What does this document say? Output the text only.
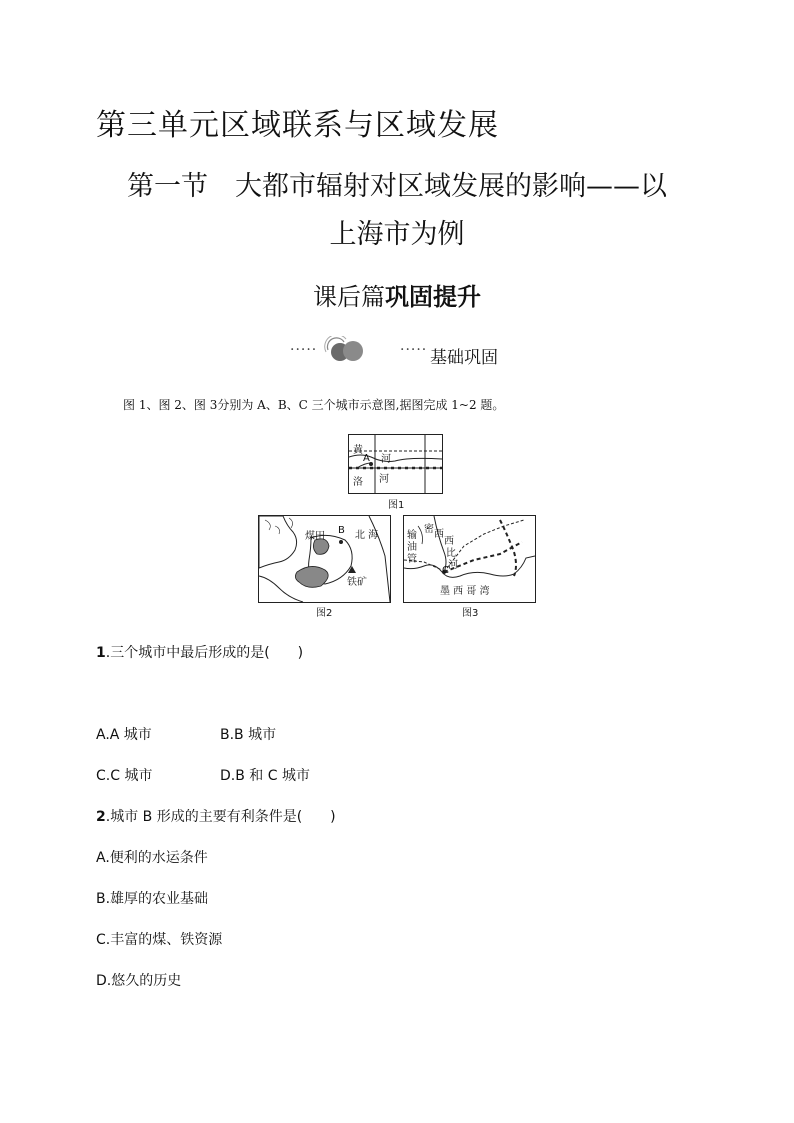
第三单元区域联系与区域发展
第一节　大都市辐射对区域发展的影响——以
上海市为例
课后篇巩固提升
·····	····· 基础巩固
图 1、图 2、图 3分别为 A、B、C 三个城市示意图,据图完成 1~2 题。
黄
河
A
洛 河
图1
煤田
B 北 海
铁矿
图2
输
油
管
密 西
西
比
河
C
墨 西 哥 湾
图3
1.三个城市中最后形成的是(　　)
A.A 城市	B.B 城市
C.C 城市	D.B 和 C 城市
2.城市 B 形成的主要有利条件是(　　)
A.便利的水运条件
B.雄厚的农业基础
C.丰富的煤、铁资源
D.悠久的历史
